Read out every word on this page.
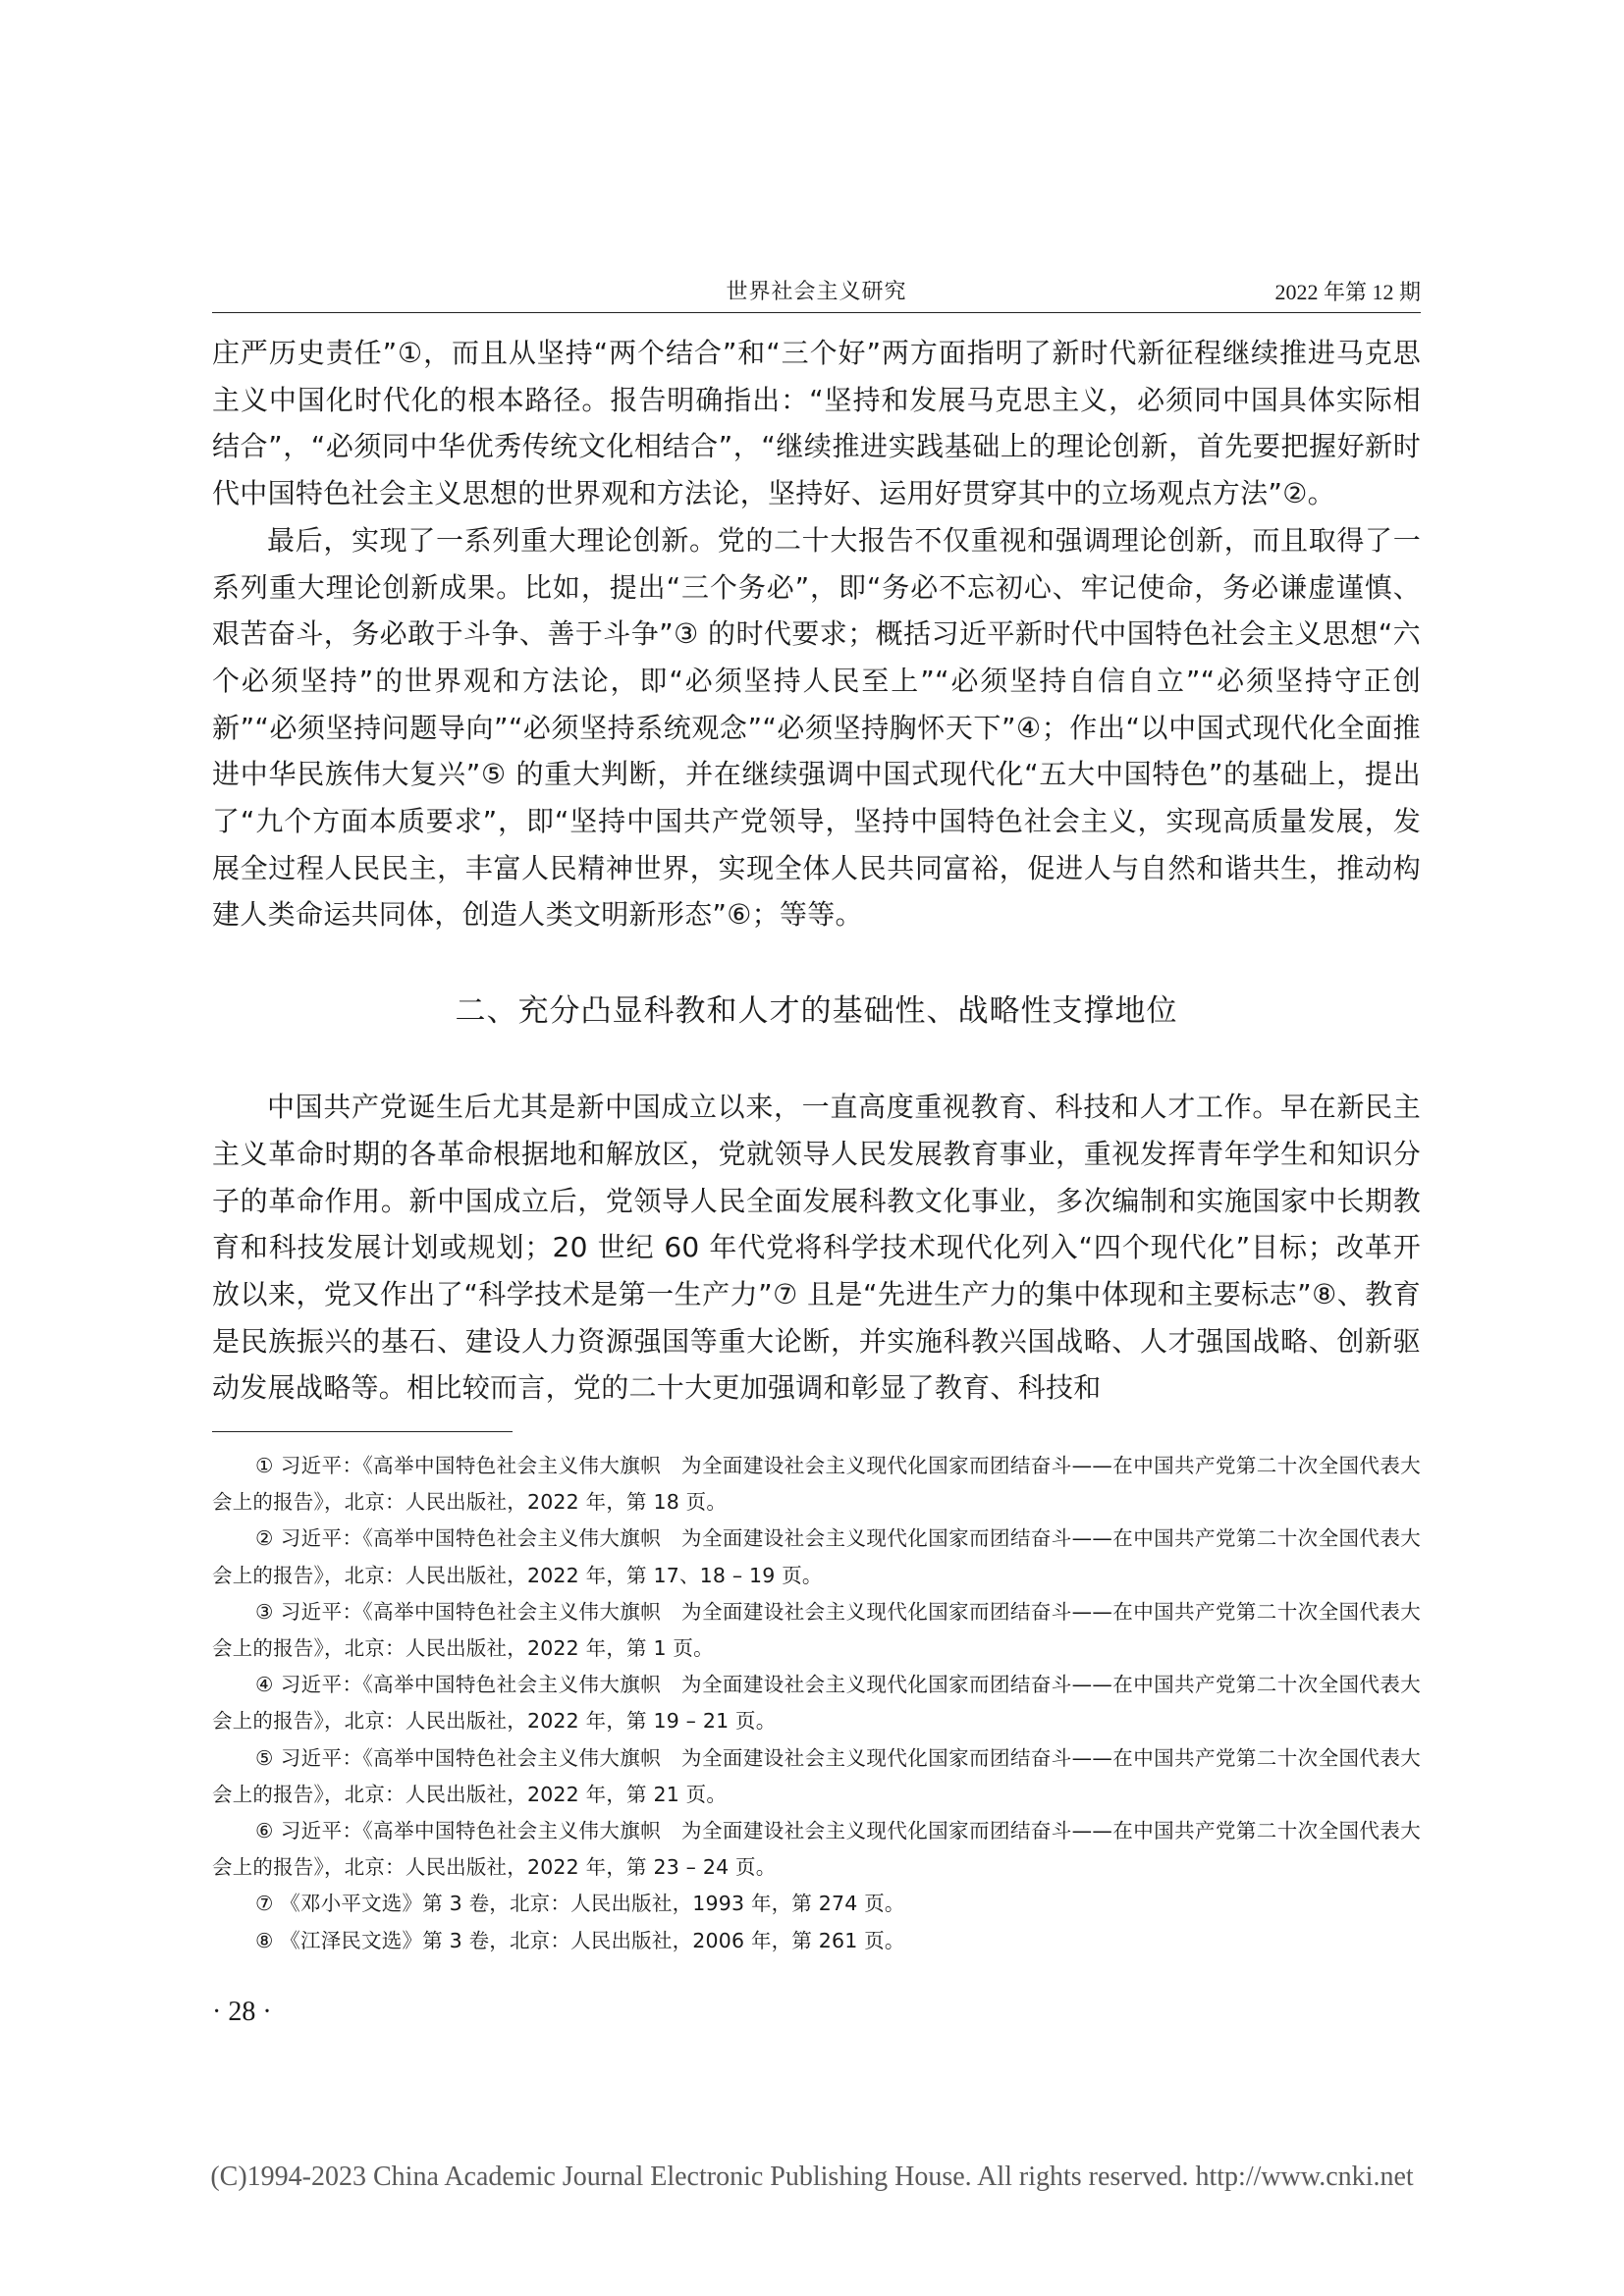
世界社会主义研究	2022 年第 12 期

庄严历史责任”①，而且从坚持“两个结合”和“三个好”两方面指明了新时代新征程继续推进马克思主义中国化时代化的根本路径。报告明确指出：“坚持和发展马克思主义，必须同中国具体实际相结合”，“必须同中华优秀传统文化相结合”，“继续推进实践基础上的理论创新，首先要把握好新时代中国特色社会主义思想的世界观和方法论，坚持好、运用好贯穿其中的立场观点方法”②。

最后，实现了一系列重大理论创新。党的二十大报告不仅重视和强调理论创新，而且取得了一系列重大理论创新成果。比如，提出“三个务必”，即“务必不忘初心、牢记使命，务必谦虚谨慎、艰苦奋斗，务必敢于斗争、善于斗争”③ 的时代要求；概括习近平新时代中国特色社会主义思想“六个必须坚持”的世界观和方法论，即“必须坚持人民至上”“必须坚持自信自立”“必须坚持守正创新”“必须坚持问题导向”“必须坚持系统观念”“必须坚持胸怀天下”④；作出“以中国式现代化全面推进中华民族伟大复兴”⑤ 的重大判断，并在继续强调中国式现代化“五大中国特色”的基础上，提出了“九个方面本质要求”，即“坚持中国共产党领导，坚持中国特色社会主义，实现高质量发展，发展全过程人民民主，丰富人民精神世界，实现全体人民共同富裕，促进人与自然和谐共生，推动构建人类命运共同体，创造人类文明新形态”⑥；等等。

二、充分凸显科教和人才的基础性、战略性支撑地位

中国共产党诞生后尤其是新中国成立以来，一直高度重视教育、科技和人才工作。早在新民主主义革命时期的各革命根据地和解放区，党就领导人民发展教育事业，重视发挥青年学生和知识分子的革命作用。新中国成立后，党领导人民全面发展科教文化事业，多次编制和实施国家中长期教育和科技发展计划或规划；20 世纪 60 年代党将科学技术现代化列入“四个现代化”目标；改革开放以来，党又作出了“科学技术是第一生产力”⑦ 且是“先进生产力的集中体现和主要标志”⑧、教育是民族振兴的基石、建设人力资源强国等重大论断，并实施科教兴国战略、人才强国战略、创新驱动发展战略等。相比较而言，党的二十大更加强调和彰显了教育、科技和

① 习近平：《高举中国特色社会主义伟大旗帜　为全面建设社会主义现代化国家而团结奋斗——在中国共产党第二十次全国代表大会上的报告》，北京：人民出版社，2022 年，第 18 页。

② 习近平：《高举中国特色社会主义伟大旗帜　为全面建设社会主义现代化国家而团结奋斗——在中国共产党第二十次全国代表大会上的报告》，北京：人民出版社，2022 年，第 17、18 – 19 页。

③ 习近平：《高举中国特色社会主义伟大旗帜　为全面建设社会主义现代化国家而团结奋斗——在中国共产党第二十次全国代表大会上的报告》，北京：人民出版社，2022 年，第 1 页。

④ 习近平：《高举中国特色社会主义伟大旗帜　为全面建设社会主义现代化国家而团结奋斗——在中国共产党第二十次全国代表大会上的报告》，北京：人民出版社，2022 年，第 19 – 21 页。

⑤ 习近平：《高举中国特色社会主义伟大旗帜　为全面建设社会主义现代化国家而团结奋斗——在中国共产党第二十次全国代表大会上的报告》，北京：人民出版社，2022 年，第 21 页。

⑥ 习近平：《高举中国特色社会主义伟大旗帜　为全面建设社会主义现代化国家而团结奋斗——在中国共产党第二十次全国代表大会上的报告》，北京：人民出版社，2022 年，第 23 – 24 页。

⑦ 《邓小平文选》第 3 卷，北京：人民出版社，1993 年，第 274 页。

⑧ 《江泽民文选》第 3 卷，北京：人民出版社，2006 年，第 261 页。

· 28 ·
(C)1994-2023 China Academic Journal Electronic Publishing House. All rights reserved. http://www.cnki.net
